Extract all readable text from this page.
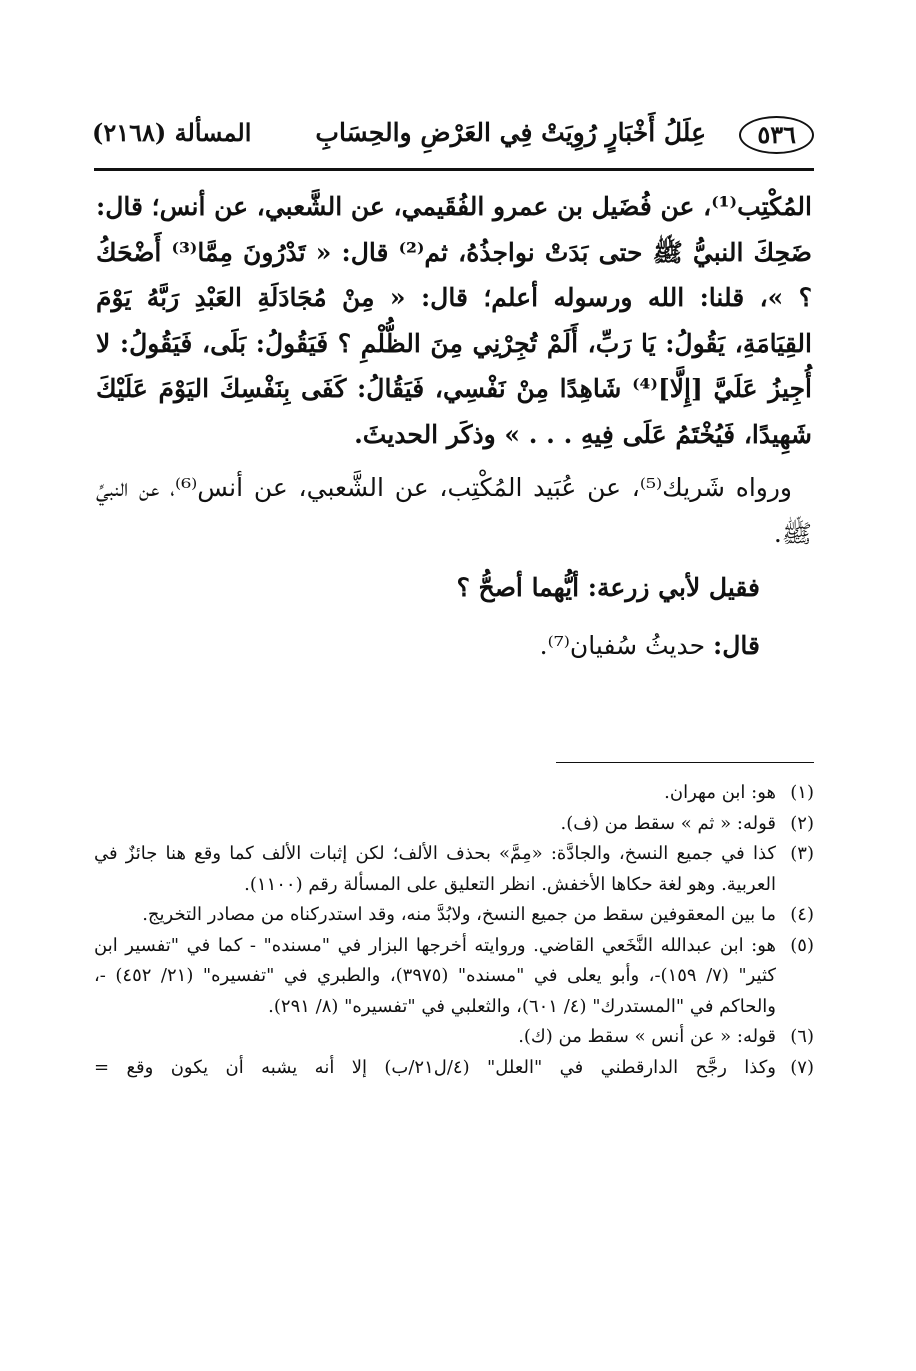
٥٣٦
عِلَلُ أَخْبَارٍ رُوِيَتْ فِي العَرْضِ والحِسَابِ
المسألة (٢١٦٨)

المُكْتِب⁽¹⁾، عن فُضَيل بن عمرو الفُقَيمي، عن الشَّعبي، عن أنس؛ قال: ضَحِكَ النبيُّ ﷺ حتى بَدَتْ نواجذُهُ، ثم⁽²⁾ قال: « تَدْرُونَ مِمَّا⁽³⁾ أَضْحَكُ ؟ »، قلنا: الله ورسوله أعلم؛ قال: « مِنْ مُجَادَلَةِ العَبْدِ رَبَّهُ يَوْمَ القِيَامَةِ، يَقُولُ: يَا رَبِّ، أَلَمْ تُجِرْنِي مِنَ الظُّلْمِ ؟ فَيَقُولُ: بَلَى، فَيَقُولُ: لا أُجِيزُ عَلَيَّ [إِلَّا]⁽⁴⁾ شَاهِدًا مِنْ نَفْسِي، فَيَقُالُ: كَفَى بِنَفْسِكَ اليَوْمَ عَلَيْكَ شَهِيدًا، فَيُخْتَمُ عَلَى فِيهِ . . . » وذكَر الحديثَ.

ورواه شَريك⁽⁵⁾، عن عُبَيد المُكْتِب، عن الشَّعبي، عن أنس⁽⁶⁾، عن النبيِّ ﷺ.

فقيل لأبي زرعة: أيُّهما أصحُّ ؟

قال: حديثُ سُفيان⁽⁷⁾.

(١)
هو: ابن مهران.

(٢)
قوله: « ثم » سقط من (ف).

(٣)
كذا في جميع النسخ، والجادَّة: «مِمَّ» بحذف الألف؛ لكن إثبات الألف كما وقع هنا جائزٌ في العربية. وهو لغة حكاها الأخفش. انظر التعليق على المسألة رقم (١١٠٠).

(٤)
ما بين المعقوفين سقط من جميع النسخ، ولابُدَّ منه، وقد استدركناه من مصادر التخريج.

(٥)
هو: ابن عبدالله النَّخَعي القاضي. وروايته أخرجها البزار في "مسنده" - كما في "تفسير ابن كثير" (٧/ ١٥٩)-، وأبو يعلى في "مسنده" (٣٩٧٥)، والطبري في "تفسيره" (٢١/ ٤٥٢) -، والحاكم في "المستدرك" (٤/ ٦٠١)، والثعلبي في "تفسيره" (٨/ ٢٩١).

(٦)
قوله: « عن أنس » سقط من (ك).

(٧)
وكذا رجَّح الدارقطني في "العلل" (٤/ل٢١/ب) إلا أنه يشبه أن يكون وقع =
